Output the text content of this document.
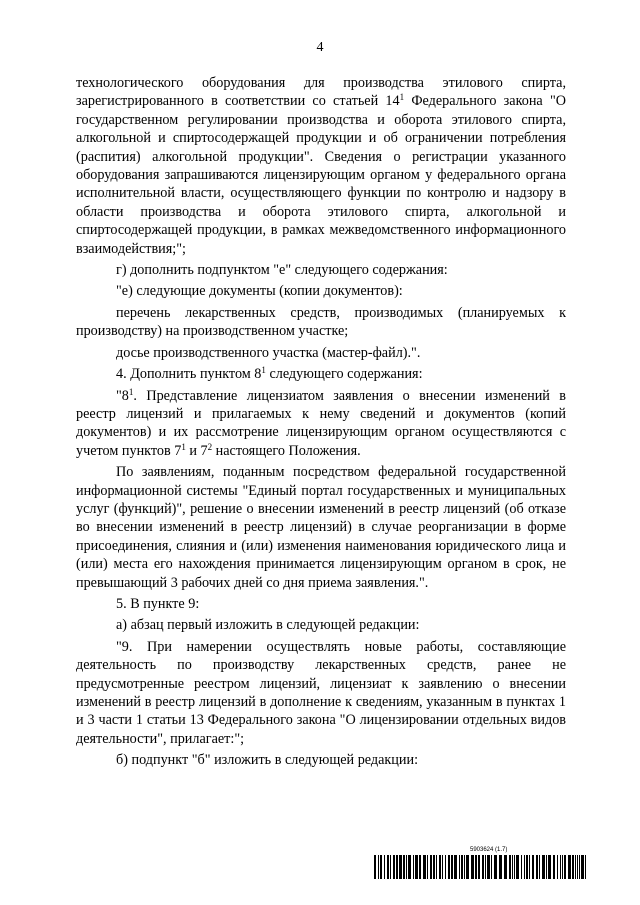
4

технологического оборудования для производства этилового спирта, зарегистрированного в соответствии со статьей $14^1$ Федерального закона "О государственном регулировании производства и оборота этилового спирта, алкогольной и спиртосодержащей продукции и об ограничении потребления (распития) алкогольной продукции". Сведения о регистрации указанного оборудования запрашиваются лицензирующим органом у федерального органа исполнительной власти, осуществляющего функции по контролю и надзору в области производства и оборота этилового спирта, алкогольной и спиртосодержащей продукции, в рамках межведомственного информационного взаимодействия;";

г) дополнить подпунктом "е" следующего содержания:

"е) следующие документы (копии документов):

перечень лекарственных средств, производимых (планируемых к производству) на производственном участке;

досье производственного участка (мастер-файл).".

4. Дополнить пунктом $8^1$ следующего содержания:

"$8^1$. Представление лицензиатом заявления о внесении изменений в реестр лицензий и прилагаемых к нему сведений и документов (копий документов) и их рассмотрение лицензирующим органом осуществляются с учетом пунктов $7^1$ и $7^2$ настоящего Положения.

По заявлениям, поданным посредством федеральной государственной информационной системы "Единый портал государственных и муниципальных услуг (функций)", решение о внесении изменений в реестр лицензий (об отказе во внесении изменений в реестр лицензий) в случае реорганизации в форме присоединения, слияния и (или) изменения наименования юридического лица и (или) места его нахождения принимается лицензирующим органом в срок, не превышающий 3 рабочих дней со дня приема заявления.".

5. В пункте 9:

а) абзац первый изложить в следующей редакции:

"9. При намерении осуществлять новые работы, составляющие деятельность по производству лекарственных средств, ранее не предусмотренные реестром лицензий, лицензиат к заявлению о внесении изменений в реестр лицензий в дополнение к сведениям, указанным в пунктах 1 и 3 части 1 статьи 13 Федерального закона "О лицензировании отдельных видов деятельности", прилагает:";

б) подпункт "б" изложить в следующей редакции:

5903624 (1.7)
